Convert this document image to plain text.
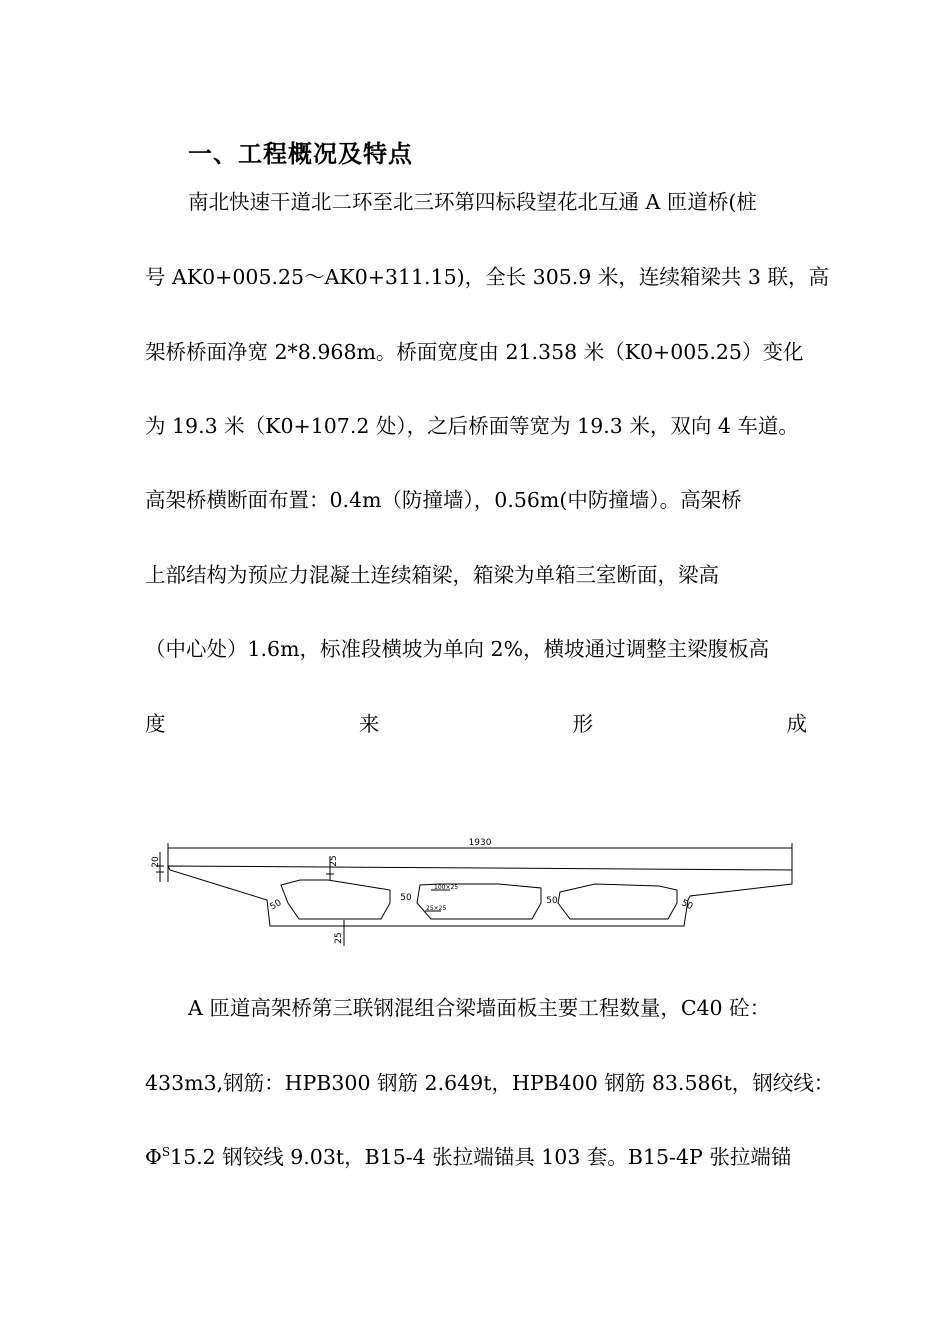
一、工程概况及特点
南北快速干道北二环至北三环第四标段望花北互通 A 匝道桥(桩
号 AK0+005.25～AK0+311.15)，全长 305.9 米，连续箱梁共 3 联，高
架桥桥面净宽 2*8.968m。桥面宽度由 21.358 米（K0+005.25）变化
为 19.3 米（K0+107.2 处），之后桥面等宽为 19.3 米，双向 4 车道。
高架桥横断面布置：0.4m（防撞墙），0.56m(中防撞墙）。高架桥
上部结构为预应力混凝土连续箱梁，箱梁为单箱三室断面，梁高
（中心处）1.6m，标准段横坡为单向 2%，横坡通过调整主梁腹板高
度	来	形	成
1930
20	25
25
50
50	50	50
100×25
25×25
A 匝道高架桥第三联钢混组合梁墙面板主要工程数量，C40 砼：
433m3,钢筋：HPB300 钢筋 2.649t，HPB400 钢筋 83.586t，钢绞线：
$\Phi^S15.2$ 钢铰线 9.03t，B15-4 张拉端锚具 103 套。B15-4P 张拉端锚
